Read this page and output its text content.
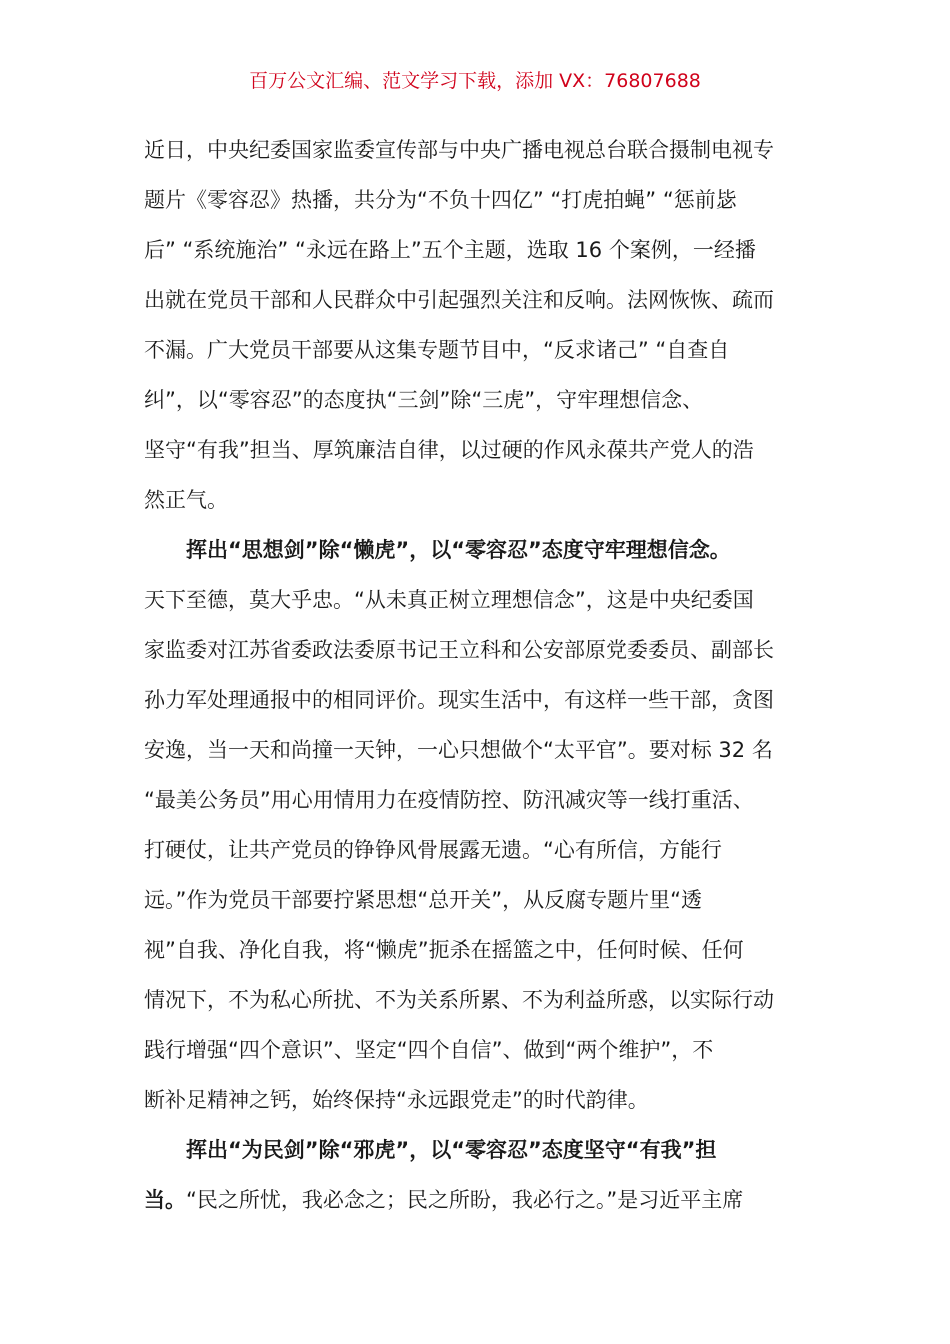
百万公文汇编、范文学习下载，添加 VX：76807688
近日，中央纪委国家监委宣传部与中央广播电视总台联合摄制电视专
题片《零容忍》热播，共分为“不负十四亿” “打虎拍蝇” “惩前毖
后” “系统施治” “永远在路上”五个主题，选取 16 个案例，一经播
出就在党员干部和人民群众中引起强烈关注和反响。法网恢恢、疏而
不漏。广大党员干部要从这集专题节目中，“反求诸己” “自查自
纠”，以“零容忍”的态度执“三剑”除“三虎”，守牢理想信念、
坚守“有我”担当、厚筑廉洁自律，以过硬的作风永葆共产党人的浩
然正气。
挥出“思想剑”除“懒虎”，以“零容忍”态度守牢理想信念。
天下至德，莫大乎忠。“从未真正树立理想信念”，这是中央纪委国
家监委对江苏省委政法委原书记王立科和公安部原党委委员、副部长
孙力军处理通报中的相同评价。现实生活中，有这样一些干部，贪图
安逸，当一天和尚撞一天钟，一心只想做个“太平官”。要对标 32 名
“最美公务员”用心用情用力在疫情防控、防汛减灾等一线打重活、
打硬仗，让共产党员的铮铮风骨展露无遗。“心有所信，方能行
远。”作为党员干部要拧紧思想“总开关”，从反腐专题片里“透
视”自我、净化自我，将“懒虎”扼杀在摇篮之中，任何时候、任何
情况下，不为私心所扰、不为关系所累、不为利益所惑，以实际行动
践行增强“四个意识”、坚定“四个自信”、做到“两个维护”，不
断补足精神之钙，始终保持“永远跟党走”的时代韵律。
挥出“为民剑”除“邪虎”，以“零容忍”态度坚守“有我”担
当。“民之所忧，我必念之；民之所盼，我必行之。”是习近平主席
